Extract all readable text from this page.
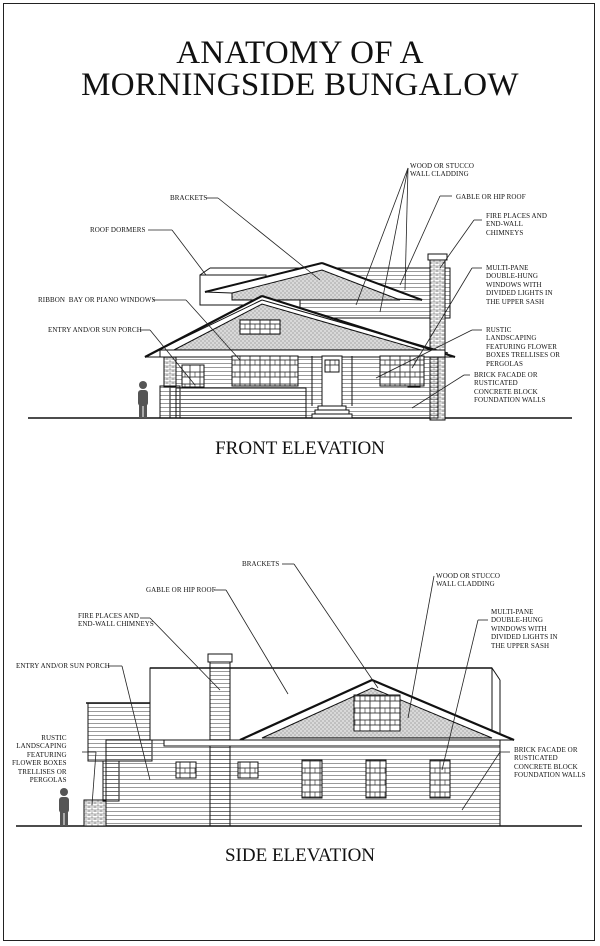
ANATOMY OF A
MORNINGSIDE BUNGALOW
WOOD OR STUCCO
WALL CLADDING
BRACKETS	GABLE OR HIP ROOF
FIRE PLACES AND
END-WALL
CHIMNEYS
ROOF DORMERS
MULTI-PANE
DOUBLE-HUNG
WINDOWS WITH
DIVIDED LIGHTS IN
THE UPPER SASH
RIBBON  BAY OR PIANO WINDOWS
RUSTIC
LANDSCAPING
FEATURING FLOWER
BOXES TRELLISES OR
PERGOLAS
ENTRY AND/OR SUN PORCH
BRICK FACADE OR
RUSTICATED
CONCRETE BLOCK
FOUNDATION WALLS
FRONT ELEVATION
BRACKETS
WOOD OR STUCCO
WALL CLADDING
GABLE OR HIP ROOF
FIRE PLACES AND
END-WALL CHIMNEYS
MULTI-PANE
DOUBLE-HUNG
WINDOWS WITH
DIVIDED LIGHTS IN
THE UPPER SASH
ENTRY AND/OR SUN PORCH
RUSTIC
LANDSCAPING
FEATURING
FLOWER BOXES
TRELLISES OR
PERGOLAS
BRICK FACADE OR
RUSTICATED
CONCRETE BLOCK
FOUNDATION WALLS
SIDE ELEVATION
